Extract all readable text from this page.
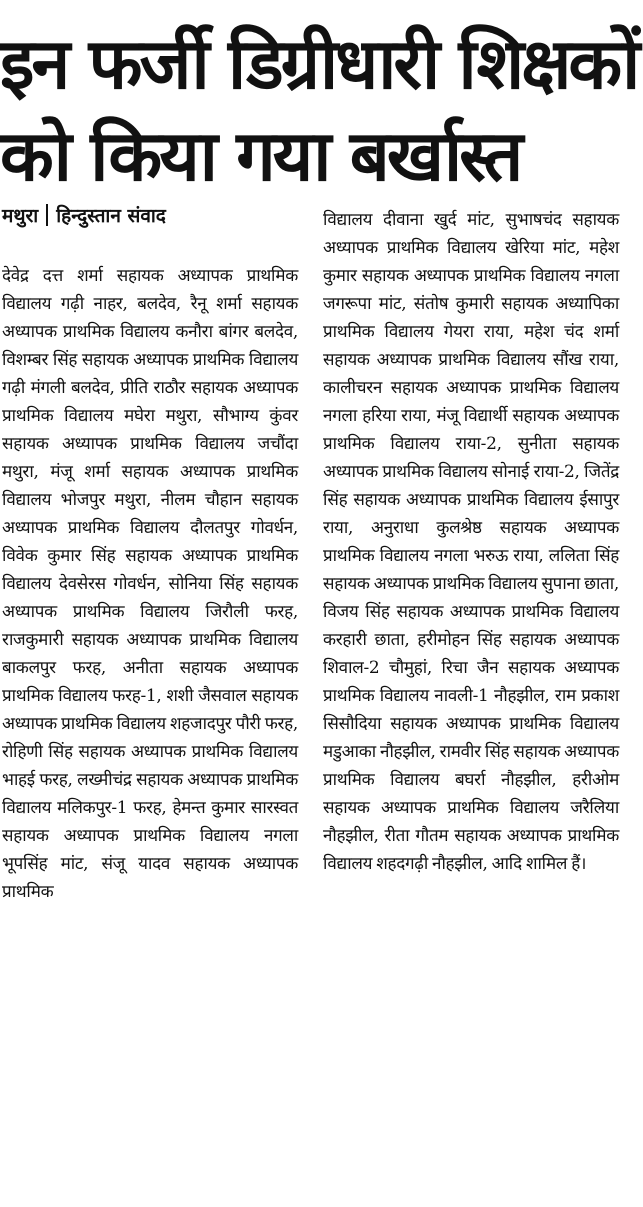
इन फर्जी डिग्रीधारी शिक्षकों
को किया गया बर्खास्त
मथुरा हिन्दुस्तान संवाद
देवेद्र दत्त शर्मा सहायक अध्यापक प्राथमिक विद्यालय गढ़ी नाहर, बलदेव, रैनू शर्मा सहायक अध्यापक प्राथमिक विद्यालय कनौरा बांगर बलदेव, विशम्बर सिंह सहायक अध्यापक प्राथमिक विद्यालय गढ़ी मंगली बलदेव, प्रीति राठौर सहायक अध्यापक प्राथमिक विद्यालय मघेरा मथुरा, सौभाग्य कुंवर सहायक अध्यापक प्राथमिक विद्यालय जचौंदा मथुरा, मंजू शर्मा सहायक अध्यापक प्राथमिक विद्यालय भोजपुर मथुरा, नीलम चौहान सहायक अध्यापक प्राथमिक विद्यालय दौलतपुर गोवर्धन, विवेक कुमार सिंह सहायक अध्यापक प्राथमिक विद्यालय देवसेरस गोवर्धन, सोनिया सिंह सहायक अध्यापक प्राथमिक विद्यालय जिरौली फरह, राजकुमारी सहायक अध्यापक प्राथमिक विद्यालय बाकलपुर फरह, अनीता सहायक अध्यापक प्राथमिक विद्यालय फरह-1, शशी जैसवाल सहायक अध्यापक प्राथमिक विद्यालय शहजादपुर पौरी फरह, रोहिणी सिंह सहायक अध्यापक प्राथमिक विद्यालय भाहई फरह, लख्मीचंद्र सहायक अध्यापक प्राथमिक विद्यालय मलिकपुर-1 फरह, हेमन्त कुमार सारस्वत सहायक अध्यापक प्राथमिक विद्यालय नगला भूपसिंह मांट, संजू यादव सहायक अध्यापक प्राथमिक
विद्यालय दीवाना खुर्द मांट, सुभाषचंद सहायक अध्यापक प्राथमिक विद्यालय खेरिया मांट, महेश कुमार सहायक अध्यापक प्राथमिक विद्यालय नगला जगरूपा मांट, संतोष कुमारी सहायक अध्यापिका प्राथमिक विद्यालय गेयरा राया, महेश चंद शर्मा सहायक अध्यापक प्राथमिक विद्यालय सौंख राया, कालीचरन सहायक अध्यापक प्राथमिक विद्यालय नगला हरिया राया, मंजू विद्यार्थी सहायक अध्यापक प्राथमिक विद्यालय राया-2, सुनीता सहायक अध्यापक प्राथमिक विद्यालय सोनाई राया-2, जितेंद्र सिंह सहायक अध्यापक प्राथमिक विद्यालय ईसापुर राया, अनुराधा कुलश्रेष्ठ सहायक अध्यापक प्राथमिक विद्यालय नगला भरुऊ राया, ललिता सिंह सहायक अध्यापक प्राथमिक विद्यालय सुपाना छाता, विजय सिंह सहायक अध्यापक प्राथमिक विद्यालय करहारी छाता, हरीमोहन सिंह सहायक अध्यापक शिवाल-2 चौमुहां, रिचा जैन सहायक अध्यापक प्राथमिक विद्यालय नावली-1 नौहझील, राम प्रकाश सिसौदिया सहायक अध्यापक प्राथमिक विद्यालय मडुआका नौहझील, रामवीर सिंह सहायक अध्यापक प्राथमिक विद्यालय बघर्रा नौहझील, हरीओम सहायक अध्यापक प्राथमिक विद्यालय जरैलिया नौहझील, रीता गौतम सहायक अध्यापक प्राथमिक विद्यालय शहदगढ़ी नौहझील, आदि शामिल हैं।
